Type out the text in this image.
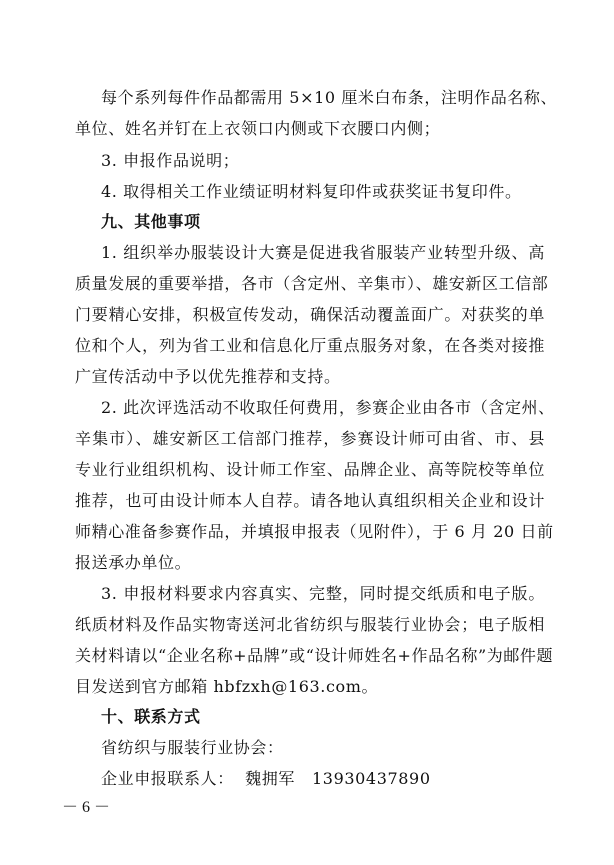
每个系列每件作品都需用 5×10 厘米白布条，注明作品名称、
单位、姓名并钉在上衣领口内侧或下衣腰口内侧；
3. 申报作品说明；
4. 取得相关工作业绩证明材料复印件或获奖证书复印件。
九、其他事项
1. 组织举办服装设计大赛是促进我省服装产业转型升级、高
质量发展的重要举措，各市（含定州、辛集市）、雄安新区工信部
门要精心安排，积极宣传发动，确保活动覆盖面广。对获奖的单
位和个人，列为省工业和信息化厅重点服务对象，在各类对接推
广宣传活动中予以优先推荐和支持。
2. 此次评选活动不收取任何费用，参赛企业由各市（含定州、
辛集市）、雄安新区工信部门推荐，参赛设计师可由省、市、县
专业行业组织机构、设计师工作室、品牌企业、高等院校等单位
推荐，也可由设计师本人自荐。请各地认真组织相关企业和设计
师精心准备参赛作品，并填报申报表（见附件），于 6 月 20 日前
报送承办单位。
3. 申报材料要求内容真实、完整，同时提交纸质和电子版。
纸质材料及作品实物寄送河北省纺织与服装行业协会；电子版相
关材料请以“企业名称+品牌”或“设计师姓名+作品名称”为邮件题
目发送到官方邮箱 hbfzxh@163.com。
十、联系方式
省纺织与服装行业协会：
企业申报联系人：  魏拥军   13930437890
－ 6 －
